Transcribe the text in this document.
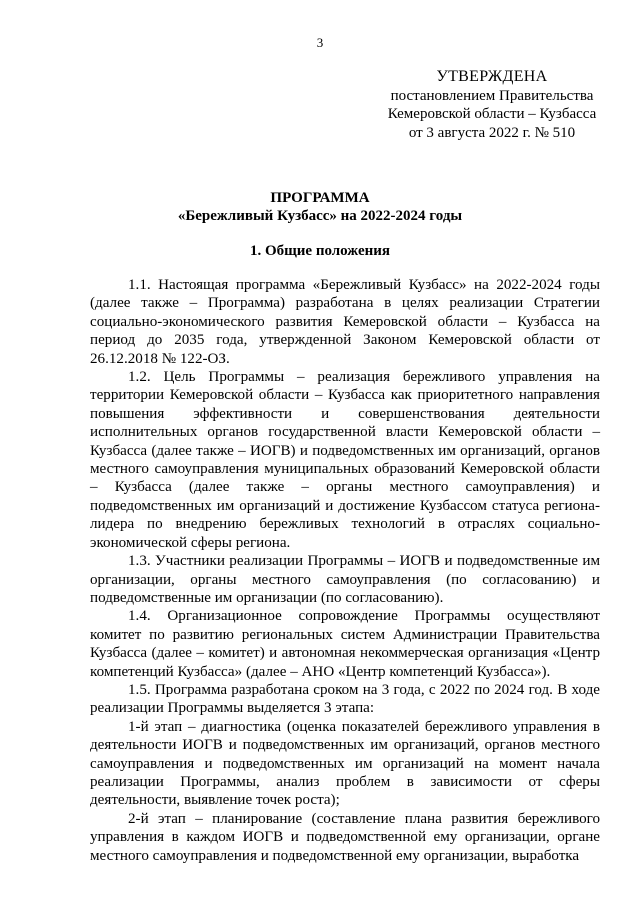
3
УТВЕРЖДЕНА
постановлением Правительства
Кемеровской области – Кузбасса
от 3 августа 2022 г. № 510
ПРОГРАММА
«Бережливый Кузбасс» на 2022-2024 годы
1. Общие положения

1.1. Настоящая программа «Бережливый Кузбасс» на 2022-2024 годы (далее также – Программа) разработана в целях реализации Стратегии социально-экономического развития Кемеровской области – Кузбасса на период до 2035 года, утвержденной Законом Кемеровской области от 26.12.2018 № 122-ОЗ.

1.2. Цель Программы – реализация бережливого управления на территории Кемеровской области – Кузбасса как приоритетного направления повышения эффективности и совершенствования деятельности исполнительных органов государственной власти Кемеровской области – Кузбасса (далее также – ИОГВ) и подведомственных им организаций, органов местного самоуправления муниципальных образований Кемеровской области – Кузбасса (далее также – органы местного самоуправления) и подведомственных им организаций и достижение Кузбассом статуса региона-лидера по внедрению бережливых технологий в отраслях социально-экономической сферы региона.

1.3. Участники реализации Программы – ИОГВ и подведомственные им организации, органы местного самоуправления (по согласованию) и подведомственные им организации (по согласованию).

1.4. Организационное сопровождение Программы осуществляют комитет по развитию региональных систем Администрации Правительства Кузбасса (далее – комитет) и автономная некоммерческая организация «Центр компетенций Кузбасса» (далее – АНО «Центр компетенций Кузбасса»).

1.5. Программа разработана сроком на 3 года, с 2022 по 2024 год. В ходе реализации Программы выделяется 3 этапа:

1-й этап – диагностика (оценка показателей бережливого управления в деятельности ИОГВ и подведомственных им организаций, органов местного самоуправления и подведомственных им организаций на момент начала реализации Программы, анализ проблем в зависимости от сферы деятельности, выявление точек роста);

2-й этап – планирование (составление плана развития бережливого управления в каждом ИОГВ и подведомственной ему организации, органе местного самоуправления и подведомственной ему организации, выработка
